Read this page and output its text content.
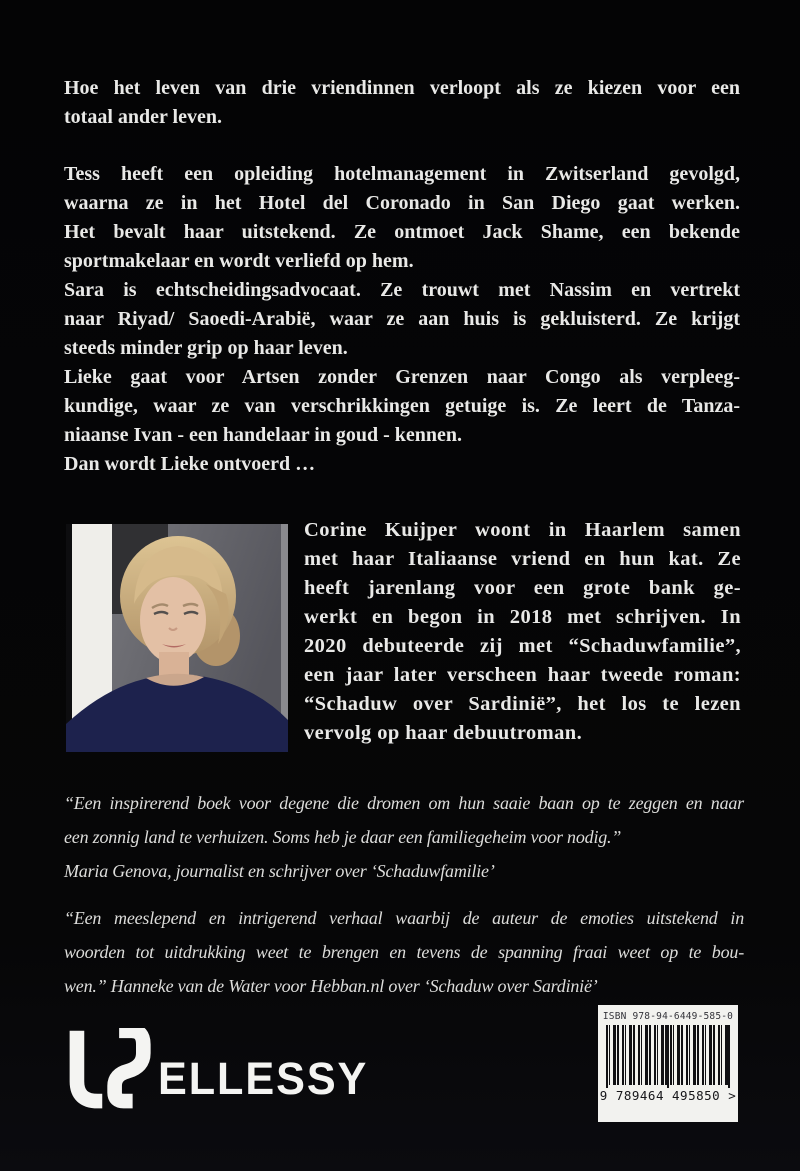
Hoe het leven van drie vriendinnen verloopt als ze kiezen voor een
totaal ander leven.
Tess heeft een opleiding hotelmanagement in Zwitserland gevolgd,
waarna ze in het Hotel del Coronado in San Diego gaat werken.
Het bevalt haar uitstekend. Ze ontmoet Jack Shame, een bekende
sportmakelaar en wordt verliefd op hem.
Sara is echtscheidingsadvocaat. Ze trouwt met Nassim en vertrekt
naar Riyad/ Saoedi-Arabië, waar ze aan huis is gekluisterd. Ze krijgt
steeds minder grip op haar leven.
Lieke gaat voor Artsen zonder Grenzen naar Congo als verpleeg-
kundige, waar ze van verschrikkingen getuige is. Ze leert de Tanza-
niaanse Ivan - een handelaar in goud - kennen.
Dan wordt Lieke ontvoerd …
Corine Kuijper woont in Haarlem samen
met haar Italiaanse vriend en hun kat. Ze
heeft jarenlang voor een grote bank ge-
werkt en begon in 2018 met schrijven. In
2020 debuteerde zij met “Schaduwfamilie”,
een jaar later verscheen haar tweede roman:
“Schaduw over Sardinië”, het los te lezen
vervolg op haar debuutroman.
“Een inspirerend boek voor degene die dromen om hun saaie baan op te zeggen en naar
een zonnig land te verhuizen. Soms heb je daar een familiegeheim voor nodig.”
Maria Genova, journalist en schrijver over ‘Schaduwfamilie’
“Een meeslepend en intrigerend verhaal waarbij de auteur de emoties uitstekend in
woorden tot uitdrukking weet te brengen en tevens de spanning fraai weet op te bou-
wen.” Hanneke van de Water voor Hebban.nl over ‘Schaduw over Sardinië’
ELLESSY
ISBN 978-94-6449-585-0
9 789464 495850 >
